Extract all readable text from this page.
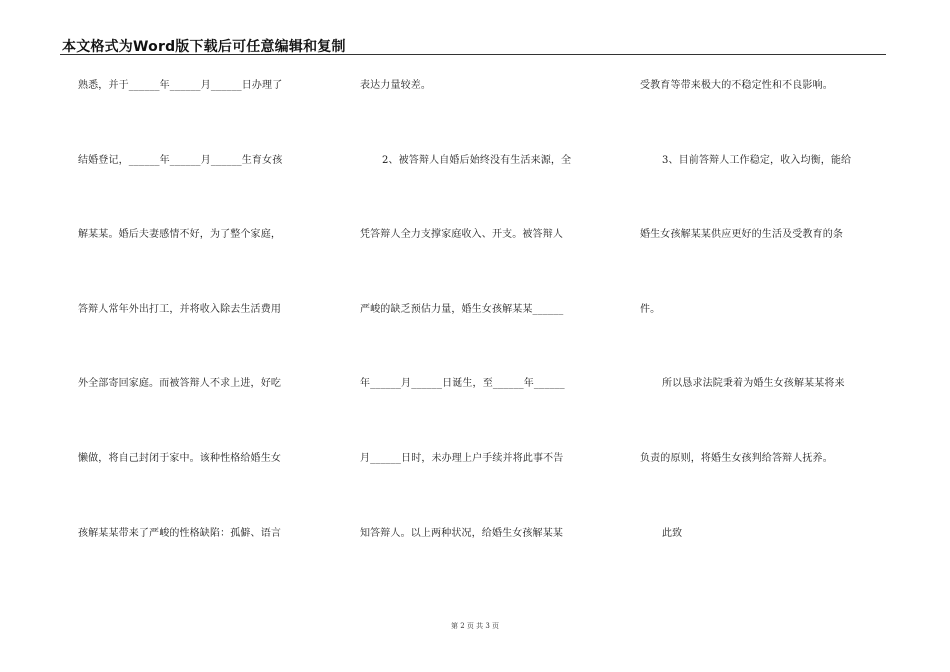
本文格式为Word版下载后可任意编辑和复制
熟悉，并于______年______月______日办理了
结婚登记，______年______月______生育女孩
解某某。婚后夫妻感情不好，为了整个家庭，
答辩人常年外出打工，并将收入除去生活费用
外全部寄回家庭。而被答辩人不求上进，好吃
懒做，将自己封闭于家中。该种性格给婚生女
孩解某某带来了严峻的性格缺陷：孤僻、语言
表达力量较差。
2、被答辩人自婚后始终没有生活来源，全
凭答辩人全力支撑家庭收入、开支。被答辩人
严峻的缺乏预估力量，婚生女孩解某某______
年______月______日诞生，至______年______
月______日时，未办理上户手续并将此事不告
知答辩人。以上两种状况，给婚生女孩解某某
受教育等带来极大的不稳定性和不良影响。
3、目前答辩人工作稳定，收入均衡，能给
婚生女孩解某某供应更好的生活及受教育的条
件。
所以恳求法院秉着为婚生女孩解某某将来
负责的原则，将婚生女孩判给答辩人抚养。
此致
第 2 页 共 3 页
